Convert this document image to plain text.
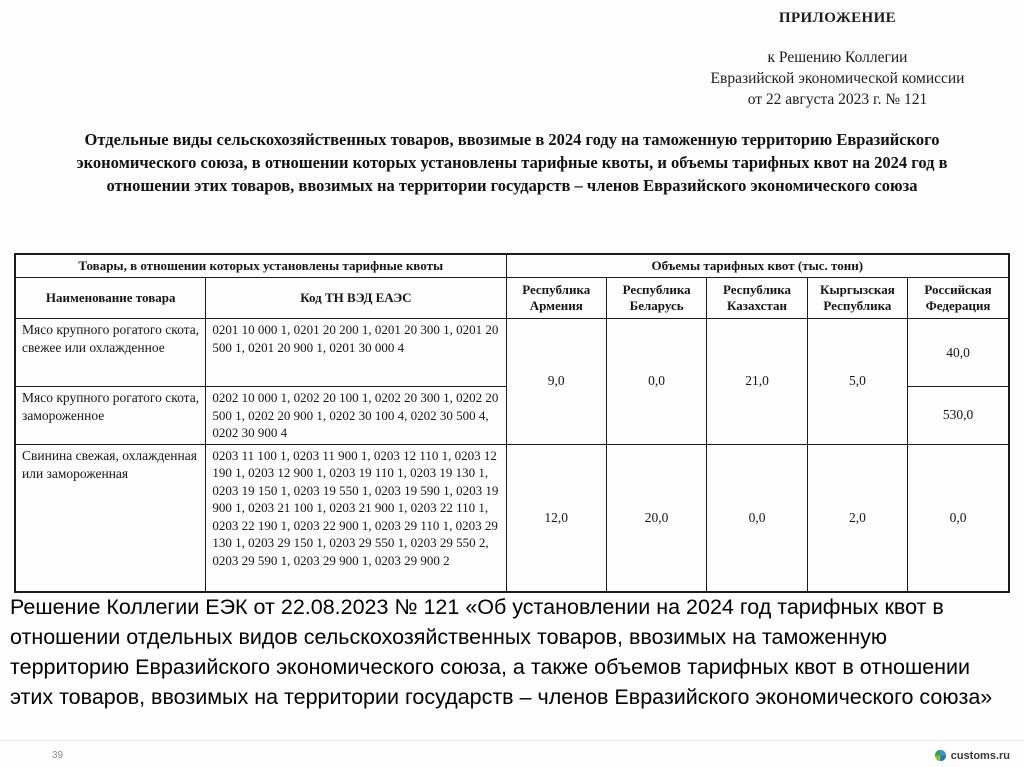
ПРИЛОЖЕНИЕ
к Решению Коллегии
Евразийской экономической комиссии
от 22 августа 2023 г. № 121
Отдельные виды сельскохозяйственных товаров, ввозимые в 2024 году на таможенную территорию Евразийского экономического союза, в отношении которых установлены тарифные квоты, и объемы тарифных квот на 2024 год в отношении этих товаров, ввозимых на территории государств – членов Евразийского экономического союза
Товары, в отношении которых установлены тарифные квоты		Объемы тарифных квот (тыс. тонн)				
Наименование товара	Код ТН ВЭД ЕАЭС	Республика Армения	Республика Беларусь	Республика Казахстан	Кыргызская Республика	Российская Федерация
Мясо крупного рогатого скота, свежее или охлажденное	0201 10 000 1, 0201 20 200 1, 0201 20 300 1, 0201 20 500 1, 0201 20 900 1, 0201 30 000 4	9,0	0,0	21,0	5,0	40,0
Мясо крупного рогатого скота, замороженное	0202 10 000 1, 0202 20 100 1, 0202 20 300 1, 0202 20 500 1, 0202 20 900 1, 0202 30 100 4, 0202 30 500 4, 0202 30 900 4					530,0
Свинина свежая, охлажденная или замороженная	0203 11 100 1, 0203 11 900 1, 0203 12 110 1, 0203 12 190 1, 0203 12 900 1, 0203 19 110 1, 0203 19 130 1, 0203 19 150 1, 0203 19 550 1, 0203 19 590 1, 0203 19 900 1, 0203 21 100 1, 0203 21 900 1, 0203 22 110 1, 0203 22 190 1, 0203 22 900 1, 0203 29 110 1, 0203 29 130 1, 0203 29 150 1, 0203 29 550 1, 0203 29 550 2, 0203 29 590 1, 0203 29 900 1, 0203 29 900 2	12,0	20,0	0,0	2,0	0,0
Решение Коллегии ЕЭК от 22.08.2023 № 121 «Об установлении на 2024 год тарифных квот в отношении отдельных видов сельскохозяйственных товаров, ввозимых на таможенную территорию Евразийского экономического союза, а также объемов тарифных квот в отношении этих товаров, ввозимых на территории государств – членов Евразийского экономического союза»
39	customs.ru
